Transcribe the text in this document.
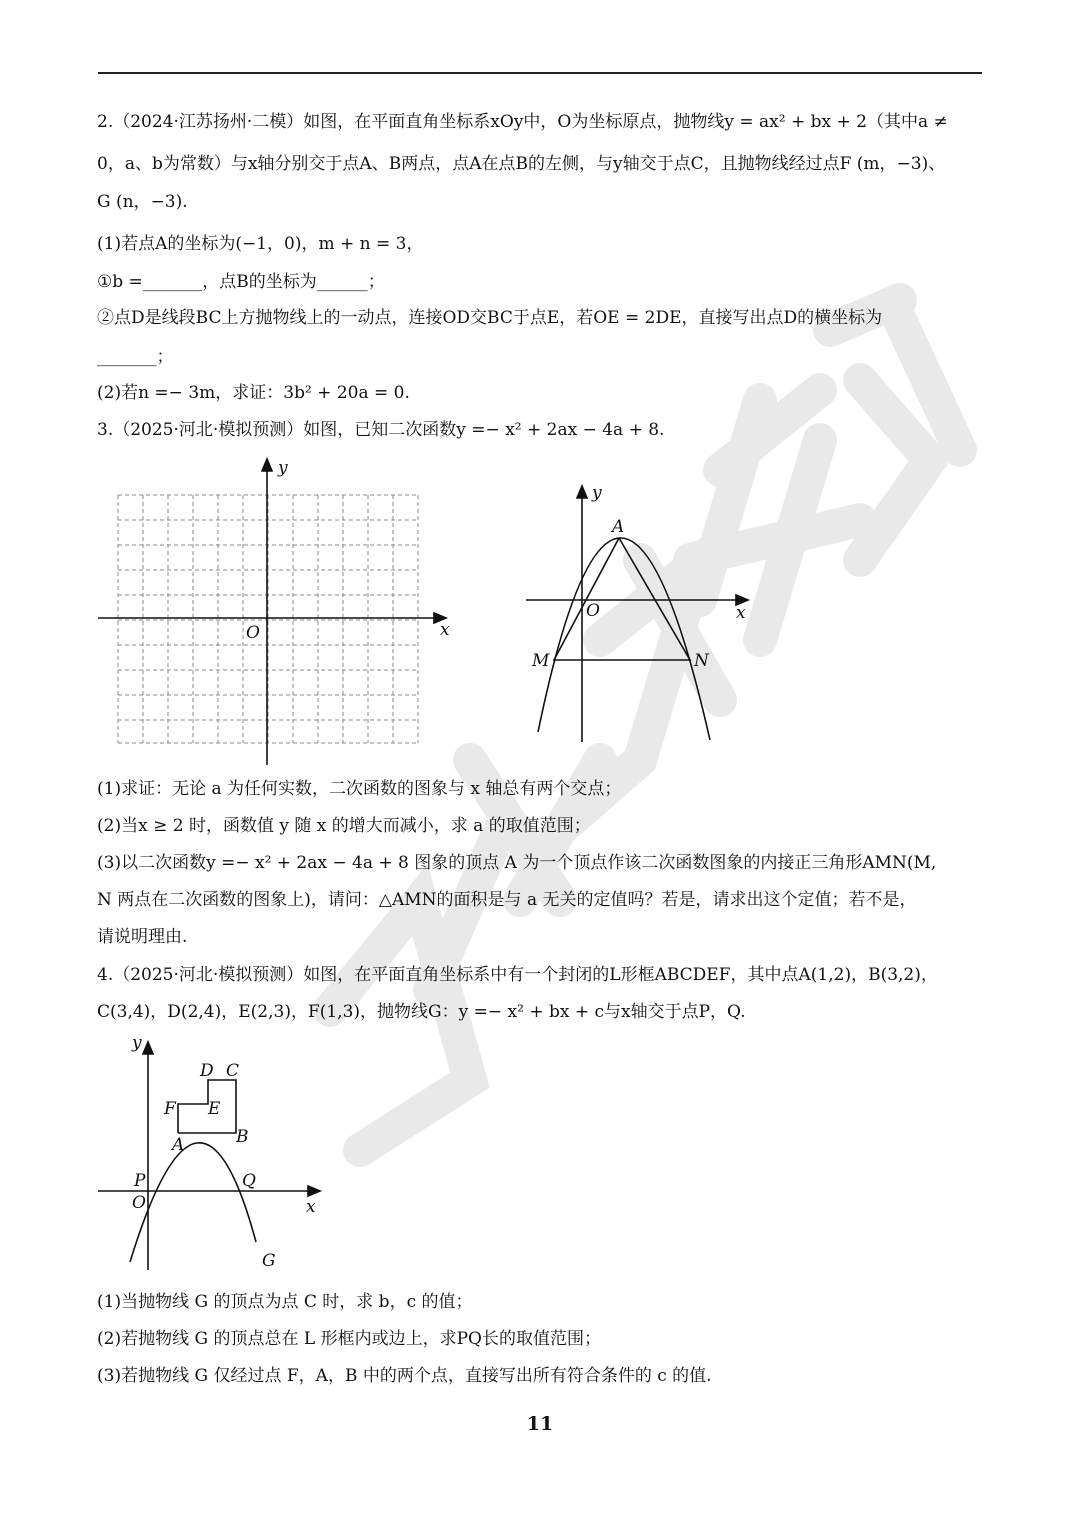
2.（2024·江苏扬州·二模）如图，在平面直角坐标系xOy中，O为坐标原点，抛物线y = ax² + bx + 2（其中a ≠
0，a、b为常数）与x轴分别交于点A、B两点，点A在点B的左侧，与y轴交于点C，且抛物线经过点F (m，−3)、
G (n，−3).
(1)若点A的坐标为(−1，0)，m + n = 3，
①b =_______，点B的坐标为______；
②点D是线段BC上方抛物线上的一动点，连接OD交BC于点E，若OE = 2DE，直接写出点D的横坐标为
_______；
(2)若n =− 3m，求证：3b² + 20a = 0.
3.（2025·河北·模拟预测）如图，已知二次函数y =− x² + 2ax − 4a + 8.
x
y
O
A
O	x
y
M	N
(1)求证：无论 a 为任何实数，二次函数的图象与 x 轴总有两个交点；
(2)当x ≥ 2 时，函数值 y 随 x 的增大而减小，求 a 的取值范围；
(3)以二次函数y =− x² + 2ax − 4a + 8 图象的顶点 A 为一个顶点作该二次函数图象的内接正三角形AMN(M,
N 两点在二次函数的图象上)，请问：△AMN的面积是与 a 无关的定值吗？若是，请求出这个定值；若不是，
请说明理由.
4.（2025·河北·模拟预测）如图，在平面直角坐标系中有一个封闭的L形框ABCDEF，其中点A(1,2)，B(3,2)，
C(3,4)，D(2,4)，E(2,3)，F(1,3)，抛物线G：y =− x² + bx + c与x轴交于点P，Q.
y
D C
F E
B
A
P	Q
O	x
G
(1)当抛物线 G 的顶点为点 C 时，求 b，c 的值；
(2)若抛物线 G 的顶点总在 L 形框内或边上，求PQ长的取值范围；
(3)若抛物线 G 仅经过点 F，A，B 中的两个点，直接写出所有符合条件的 c 的值.
11
